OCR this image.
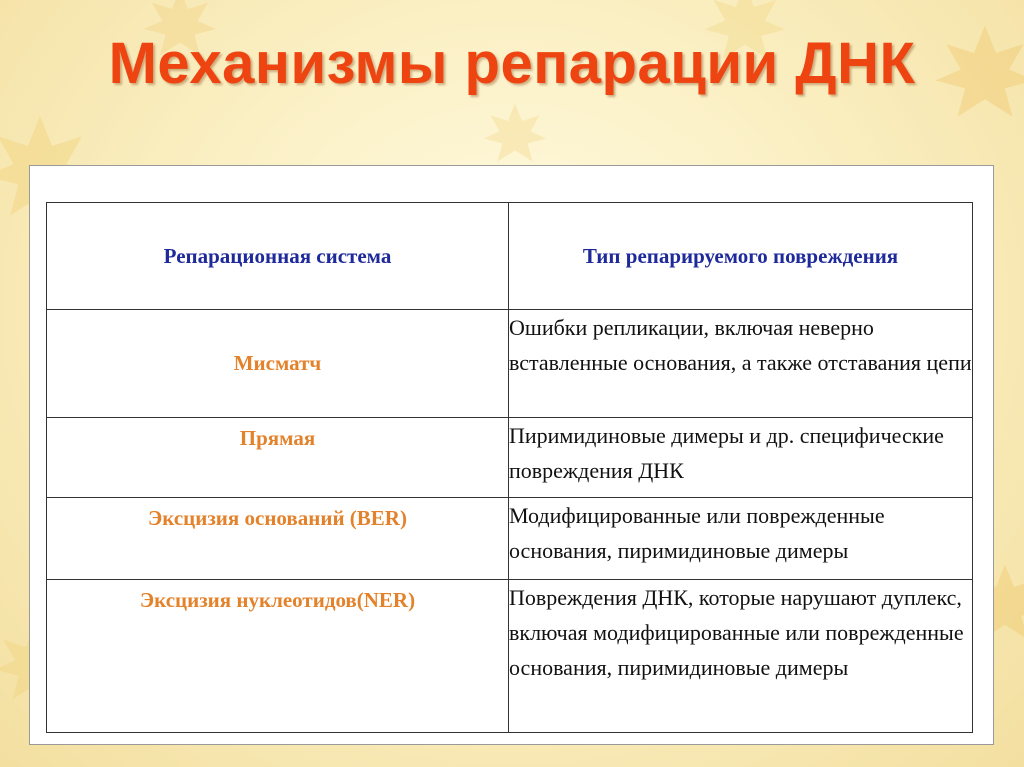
Механизмы репарации ДНК
Репарационная система	Тип репарируемого повреждения
Мисматч	Ошибки репликации, включая неверно вставленные основания, а также отставания цепи
Прямая	Пиримидиновые димеры и др. специфические повреждения ДНК
Эксцизия оснований (BER)	Модифицированные или поврежденные основания, пиримидиновые димеры
Эксцизия нуклеотидов(NER)	Повреждения ДНК, которые нарушают дуплекс, включая модифицированные или поврежденные основания, пиримидиновые димеры
